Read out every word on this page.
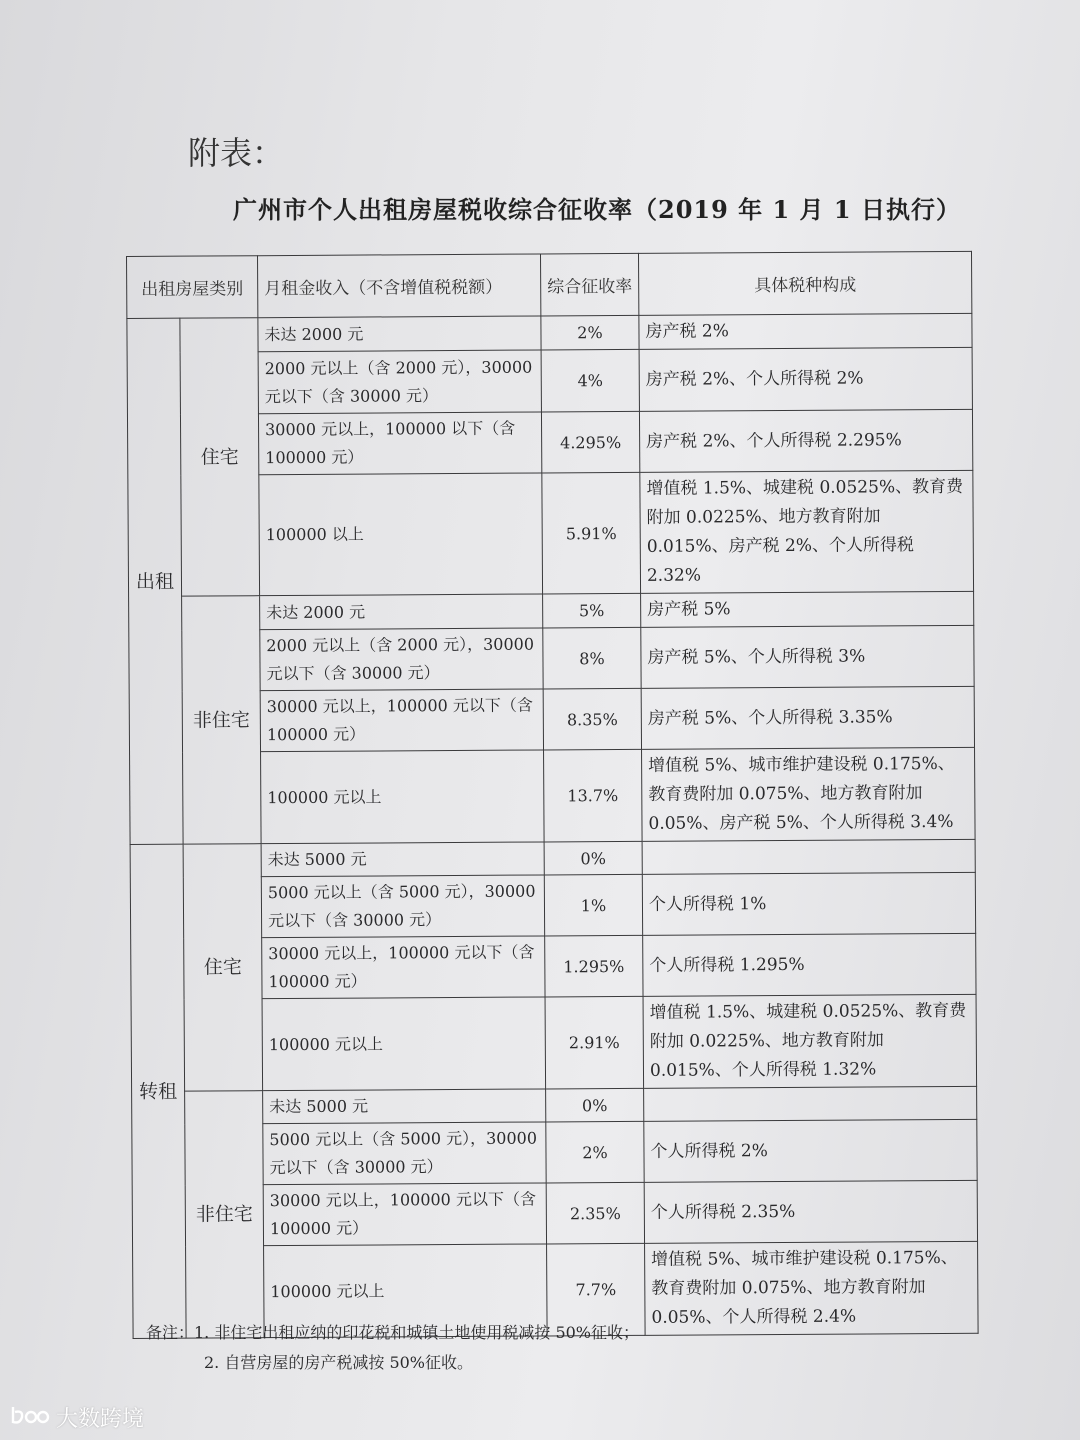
附表：
广州市个人出租房屋税收综合征收率（2019 年 1 月 1 日执行）
出租房屋类别		月租金收入（不含增值税税额）	综合征收率	具体税种构成
出租	住宅	未达 2000 元	2%	房产税 2%
		2000 元以上（含 2000 元），30000 元以下（含 30000 元）	4%	房产税 2%、个人所得税 2%
		30000 元以上，100000 以下（含 100000 元）	4.295%	房产税 2%、个人所得税 2.295%
		100000 以上	5.91%	增值税 1.5%、城建税 0.0525%、教育费附加 0.0225%、地方教育附加 0.015%、房产税 2%、个人所得税 2.32%
	非住宅	未达 2000 元	5%	房产税 5%
		2000 元以上（含 2000 元），30000 元以下（含 30000 元）	8%	房产税 5%、个人所得税 3%
		30000 元以上，100000 元以下（含 100000 元）	8.35%	房产税 5%、个人所得税 3.35%
		100000 元以上	13.7%	增值税 5%、城市维护建设税 0.175%、教育费附加 0.075%、地方教育附加 0.05%、房产税 5%、个人所得税 3.4%
转租	住宅	未达 5000 元	0%	
		5000 元以上（含 5000 元），30000 元以下（含 30000 元）	1%	个人所得税 1%
		30000 元以上，100000 元以下（含 100000 元）	1.295%	个人所得税 1.295%
		100000 元以上	2.91%	增值税 1.5%、城建税 0.0525%、教育费附加 0.0225%、地方教育附加 0.015%、个人所得税 1.32%
	非住宅	未达 5000 元	0%	
		5000 元以上（含 5000 元），30000 元以下（含 30000 元）	2%	个人所得税 2%
		30000 元以上，100000 元以下（含 100000 元）	2.35%	个人所得税 2.35%
		100000 元以上	7.7%	增值税 5%、城市维护建设税 0.175%、教育费附加 0.075%、地方教育附加 0.05%、个人所得税 2.4%
备注：1. 非住宅出租应纳的印花税和城镇土地使用税减按 50%征收；
2. 自营房屋的房产税减按 50%征收。
大数跨境
